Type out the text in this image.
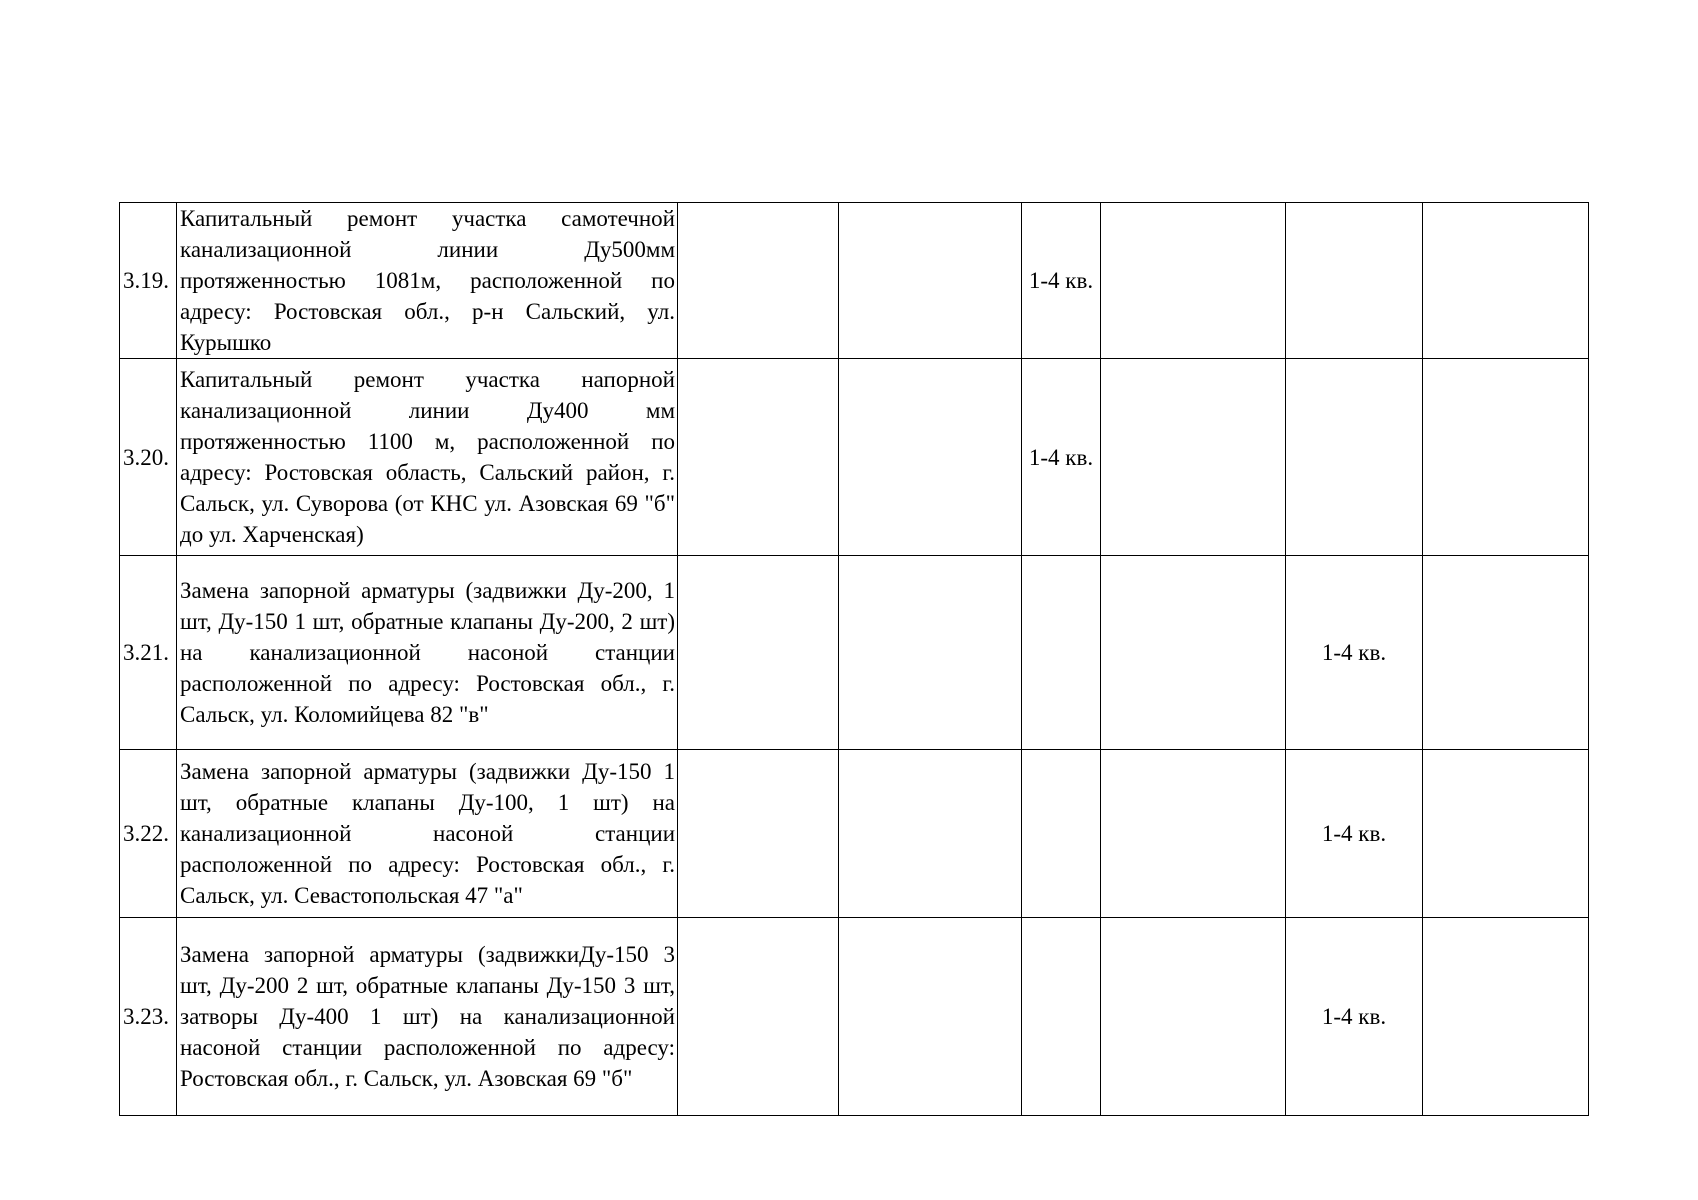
3.19.	Капитальный ремонт участка самотечной канализационной линии Ду500мм протяженностью 1081м, расположенной по адресу: Ростовская обл., р-н Сальский, ул. Курышко			1-4 кв.			
3.20.	Капитальный ремонт участка напорной канализационной линии Ду400 мм протяженностью 1100 м, расположенной по адресу: Ростовская область, Сальский район, г. Сальск, ул. Суворова (от КНС ул. Азовская 69 "б" до ул. Харченская)			1-4 кв.			
3.21.	Замена запорной арматуры (задвижки Ду-200, 1 шт, Ду-150 1 шт, обратные клапаны Ду-200, 2 шт) на канализационной насоной станции расположенной по адресу: Ростовская обл., г. Сальск, ул. Коломийцева 82 "в"					1-4 кв.	
3.22.	Замена запорной арматуры (задвижки Ду-150 1 шт, обратные клапаны Ду-100, 1 шт) на канализационной насоной станции расположенной по адресу: Ростовская обл., г. Сальск, ул. Севастопольская 47 "а"					1-4 кв.	
3.23.	Замена запорной арматуры (задвижкиДу-150 3 шт, Ду-200 2 шт, обратные клапаны Ду-150 3 шт, затворы Ду-400 1 шт) на канализационной насоной станции расположенной по адресу: Ростовская обл., г. Сальск, ул. Азовская 69 "б"					1-4 кв.	
